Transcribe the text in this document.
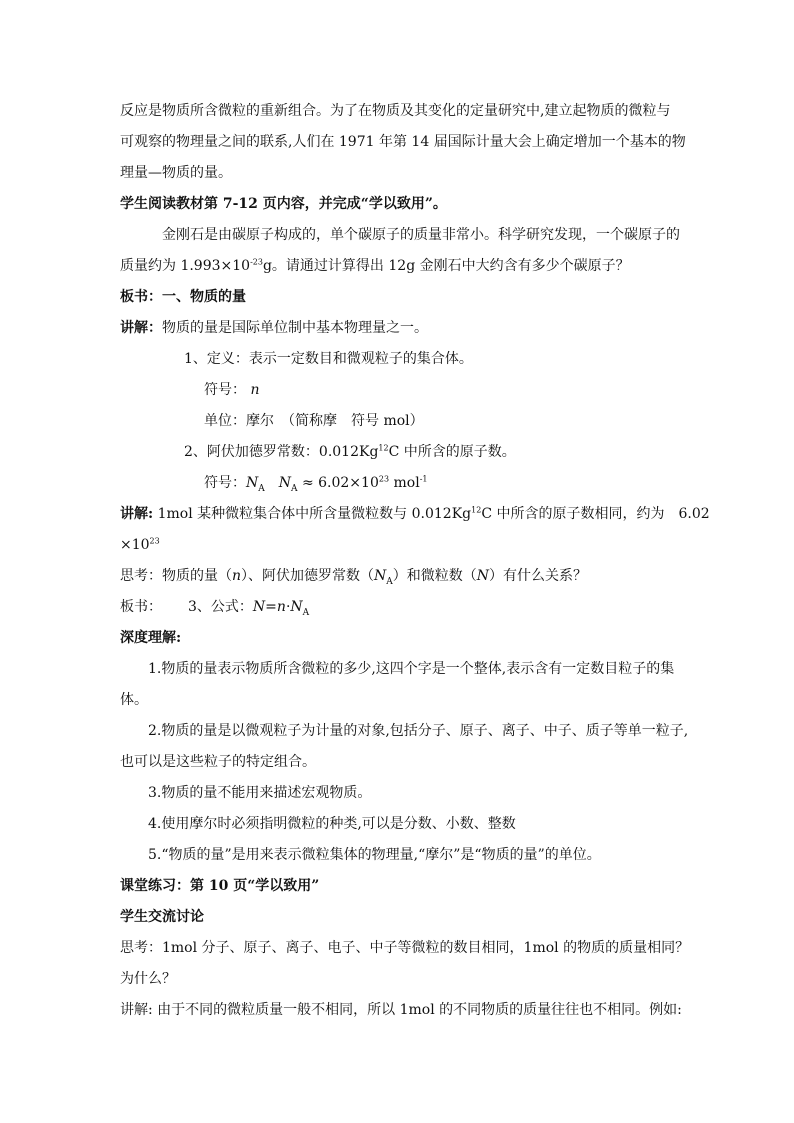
反应是物质所含微粒的重新组合。为了在物质及其变化的定量研究中,建立起物质的微粒与
可观察的物理量之间的联系,人们在 1971 年第 14 届国际计量大会上确定增加一个基本的物
理量—物质的量。
学生阅读教材第 7-12 页内容，并完成“学以致用”。
金刚石是由碳原子构成的，单个碳原子的质量非常小。科学研究发现，一个碳原子的
质量约为 $1.993\times 10^{-23}g$。请通过计算得出 12g 金刚石中大约含有多少个碳原子？
板书：一、物质的量
讲解：物质的量是国际单位制中基本物理量之一。
1、定义：表示一定数目和微观粒子的集合体。
符号： n
单位：摩尔　（简称摩　符号 mol）
2、阿伏加德罗常数：0.012Kg$^{12}$C 中所含的原子数。
符号：$N_A$ $N_A \approx 6.02\times 10^{23}$ mol$^{-1}$
讲解: 1mol 某种微粒集合体中所含量微粒数与 0.012Kg$^{12}$C 中所含的原子数相同，约为　6.02
$\times 10^{23}$
思考：物质的量（n）、阿伏加德罗常数$(N_A)$和微粒数（N）有什么关系？
板书： 3、公式：$N=n\cdot N_A$
深度理解:
1.物质的量表示物质所含微粒的多少,这四个字是一个整体,表示含有一定数目粒子的集
体。
2.物质的量是以微观粒子为计量的对象,包括分子、原子、离子、中子、质子等单一粒子,
也可以是这些粒子的特定组合。
3.物质的量不能用来描述宏观物质。
4.使用摩尔时必须指明微粒的种类,可以是分数、小数、整数
5.“物质的量”是用来表示微粒集体的物理量,“摩尔”是“物质的量”的单位。
课堂练习：第 10 页“学以致用”
学生交流讨论
思考：1mol 分子、原子、离子、电子、中子等微粒的数目相同，1mol 的物质的质量相同？
为什么？
讲解: 由于不同的微粒质量一般不相同，所以 1mol 的不同物质的质量往往也不相同。例如:
